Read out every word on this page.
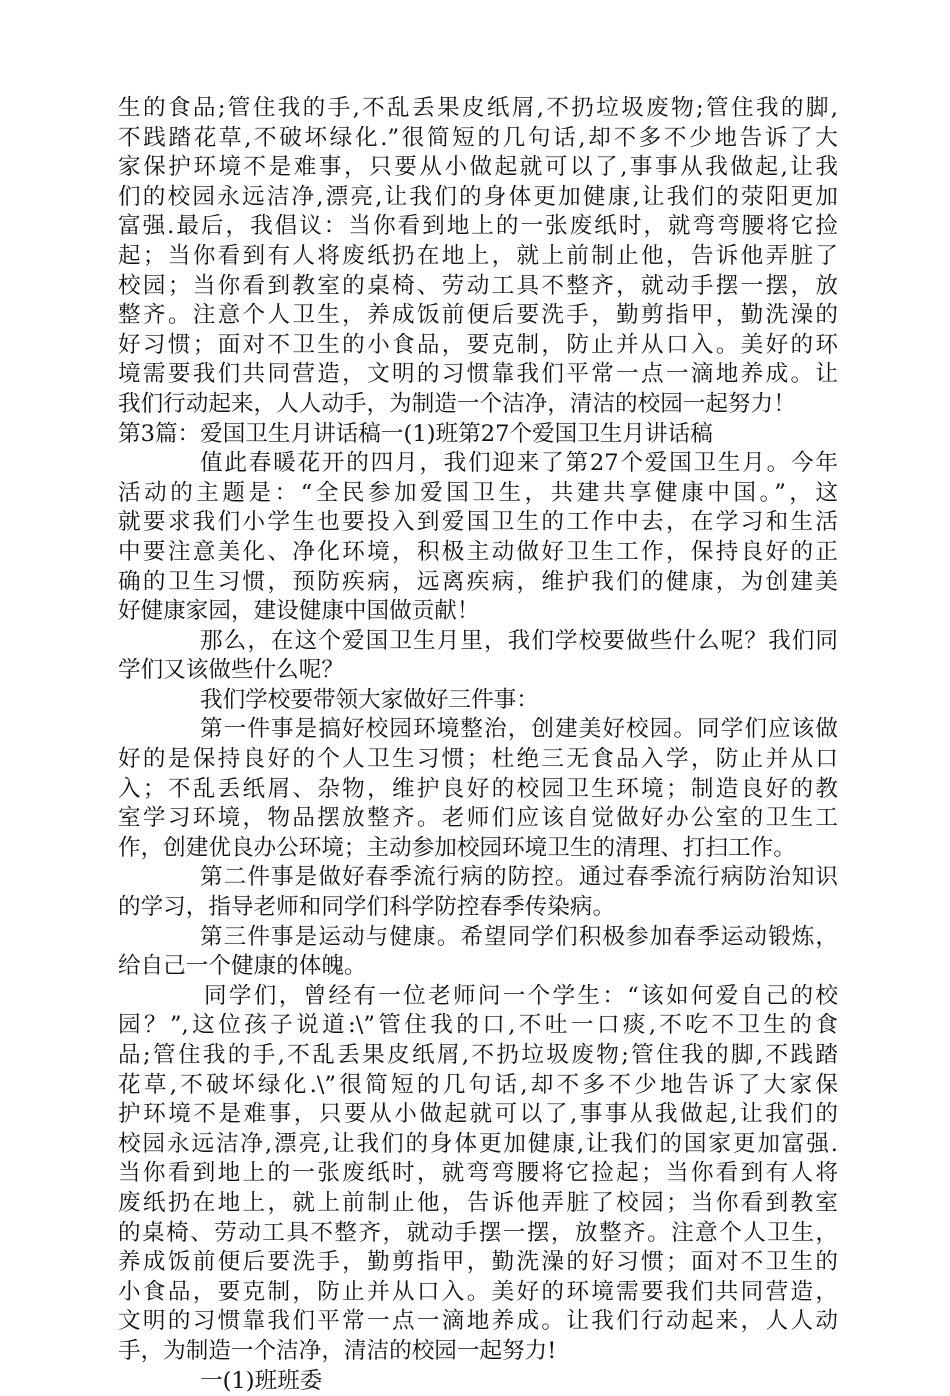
生的食品;管住我的手,不乱丢果皮纸屑,不扔垃圾废物;管住我的脚,
不践踏花草,不破坏绿化.”很简短的几句话,却不多不少地告诉了大
家保护环境不是难事，只要从小做起就可以了,事事从我做起,让我
们的校园永远洁净,漂亮,让我们的身体更加健康,让我们的荥阳更加
富强.最后，我倡议：当你看到地上的一张废纸时，就弯弯腰将它捡
起；当你看到有人将废纸扔在地上，就上前制止他，告诉他弄脏了
校园；当你看到教室的桌椅、劳动工具不整齐，就动手摆一摆，放
整齐。注意个人卫生，养成饭前便后要洗手，勤剪指甲，勤洗澡的
好习惯；面对不卫生的小食品，要克制，防止并从口入。美好的环
境需要我们共同营造，文明的习惯靠我们平常一点一滴地养成。让
我们行动起来，人人动手，为制造一个洁净，清洁的校园一起努力！
第3篇：爱国卫生月讲话稿一(1)班第27个爱国卫生月讲话稿
值此春暖花开的四月，我们迎来了第27个爱国卫生月。今年
活动的主题是：“全民参加爱国卫生，共建共享健康中国。”，这
就要求我们小学生也要投入到爱国卫生的工作中去，在学习和生活
中要注意美化、净化环境，积极主动做好卫生工作，保持良好的正
确的卫生习惯，预防疾病，远离疾病，维护我们的健康，为创建美
好健康家园，建设健康中国做贡献！
那么，在这个爱国卫生月里，我们学校要做些什么呢？我们同
学们又该做些什么呢？
我们学校要带领大家做好三件事：
第一件事是搞好校园环境整治，创建美好校园。同学们应该做
好的是保持良好的个人卫生习惯；杜绝三无食品入学，防止并从口
入；不乱丢纸屑、杂物，维护良好的校园卫生环境；制造良好的教
室学习环境，物品摆放整齐。老师们应该自觉做好办公室的卫生工
作，创建优良办公环境；主动参加校园环境卫生的清理、打扫工作。
第二件事是做好春季流行病的防控。通过春季流行病防治知识
的学习，指导老师和同学们科学防控春季传染病。
第三件事是运动与健康。希望同学们积极参加春季运动锻炼，
给自己一个健康的体魄。
同学们，曾经有一位老师问一个学生：“该如何爱自己的校
园？”,这位孩子说道:\”管住我的口,不吐一口痰,不吃不卫生的食
品;管住我的手,不乱丢果皮纸屑,不扔垃圾废物;管住我的脚,不践踏
花草,不破坏绿化.\”很简短的几句话,却不多不少地告诉了大家保
护环境不是难事，只要从小做起就可以了,事事从我做起,让我们的
校园永远洁净,漂亮,让我们的身体更加健康,让我们的国家更加富强.
当你看到地上的一张废纸时，就弯弯腰将它捡起；当你看到有人将
废纸扔在地上，就上前制止他，告诉他弄脏了校园；当你看到教室
的桌椅、劳动工具不整齐，就动手摆一摆，放整齐。注意个人卫生，
养成饭前便后要洗手，勤剪指甲，勤洗澡的好习惯；面对不卫生的
小食品，要克制，防止并从口入。美好的环境需要我们共同营造，
文明的习惯靠我们平常一点一滴地养成。让我们行动起来，人人动
手，为制造一个洁净，清洁的校园一起努力!
一(1)班班委
